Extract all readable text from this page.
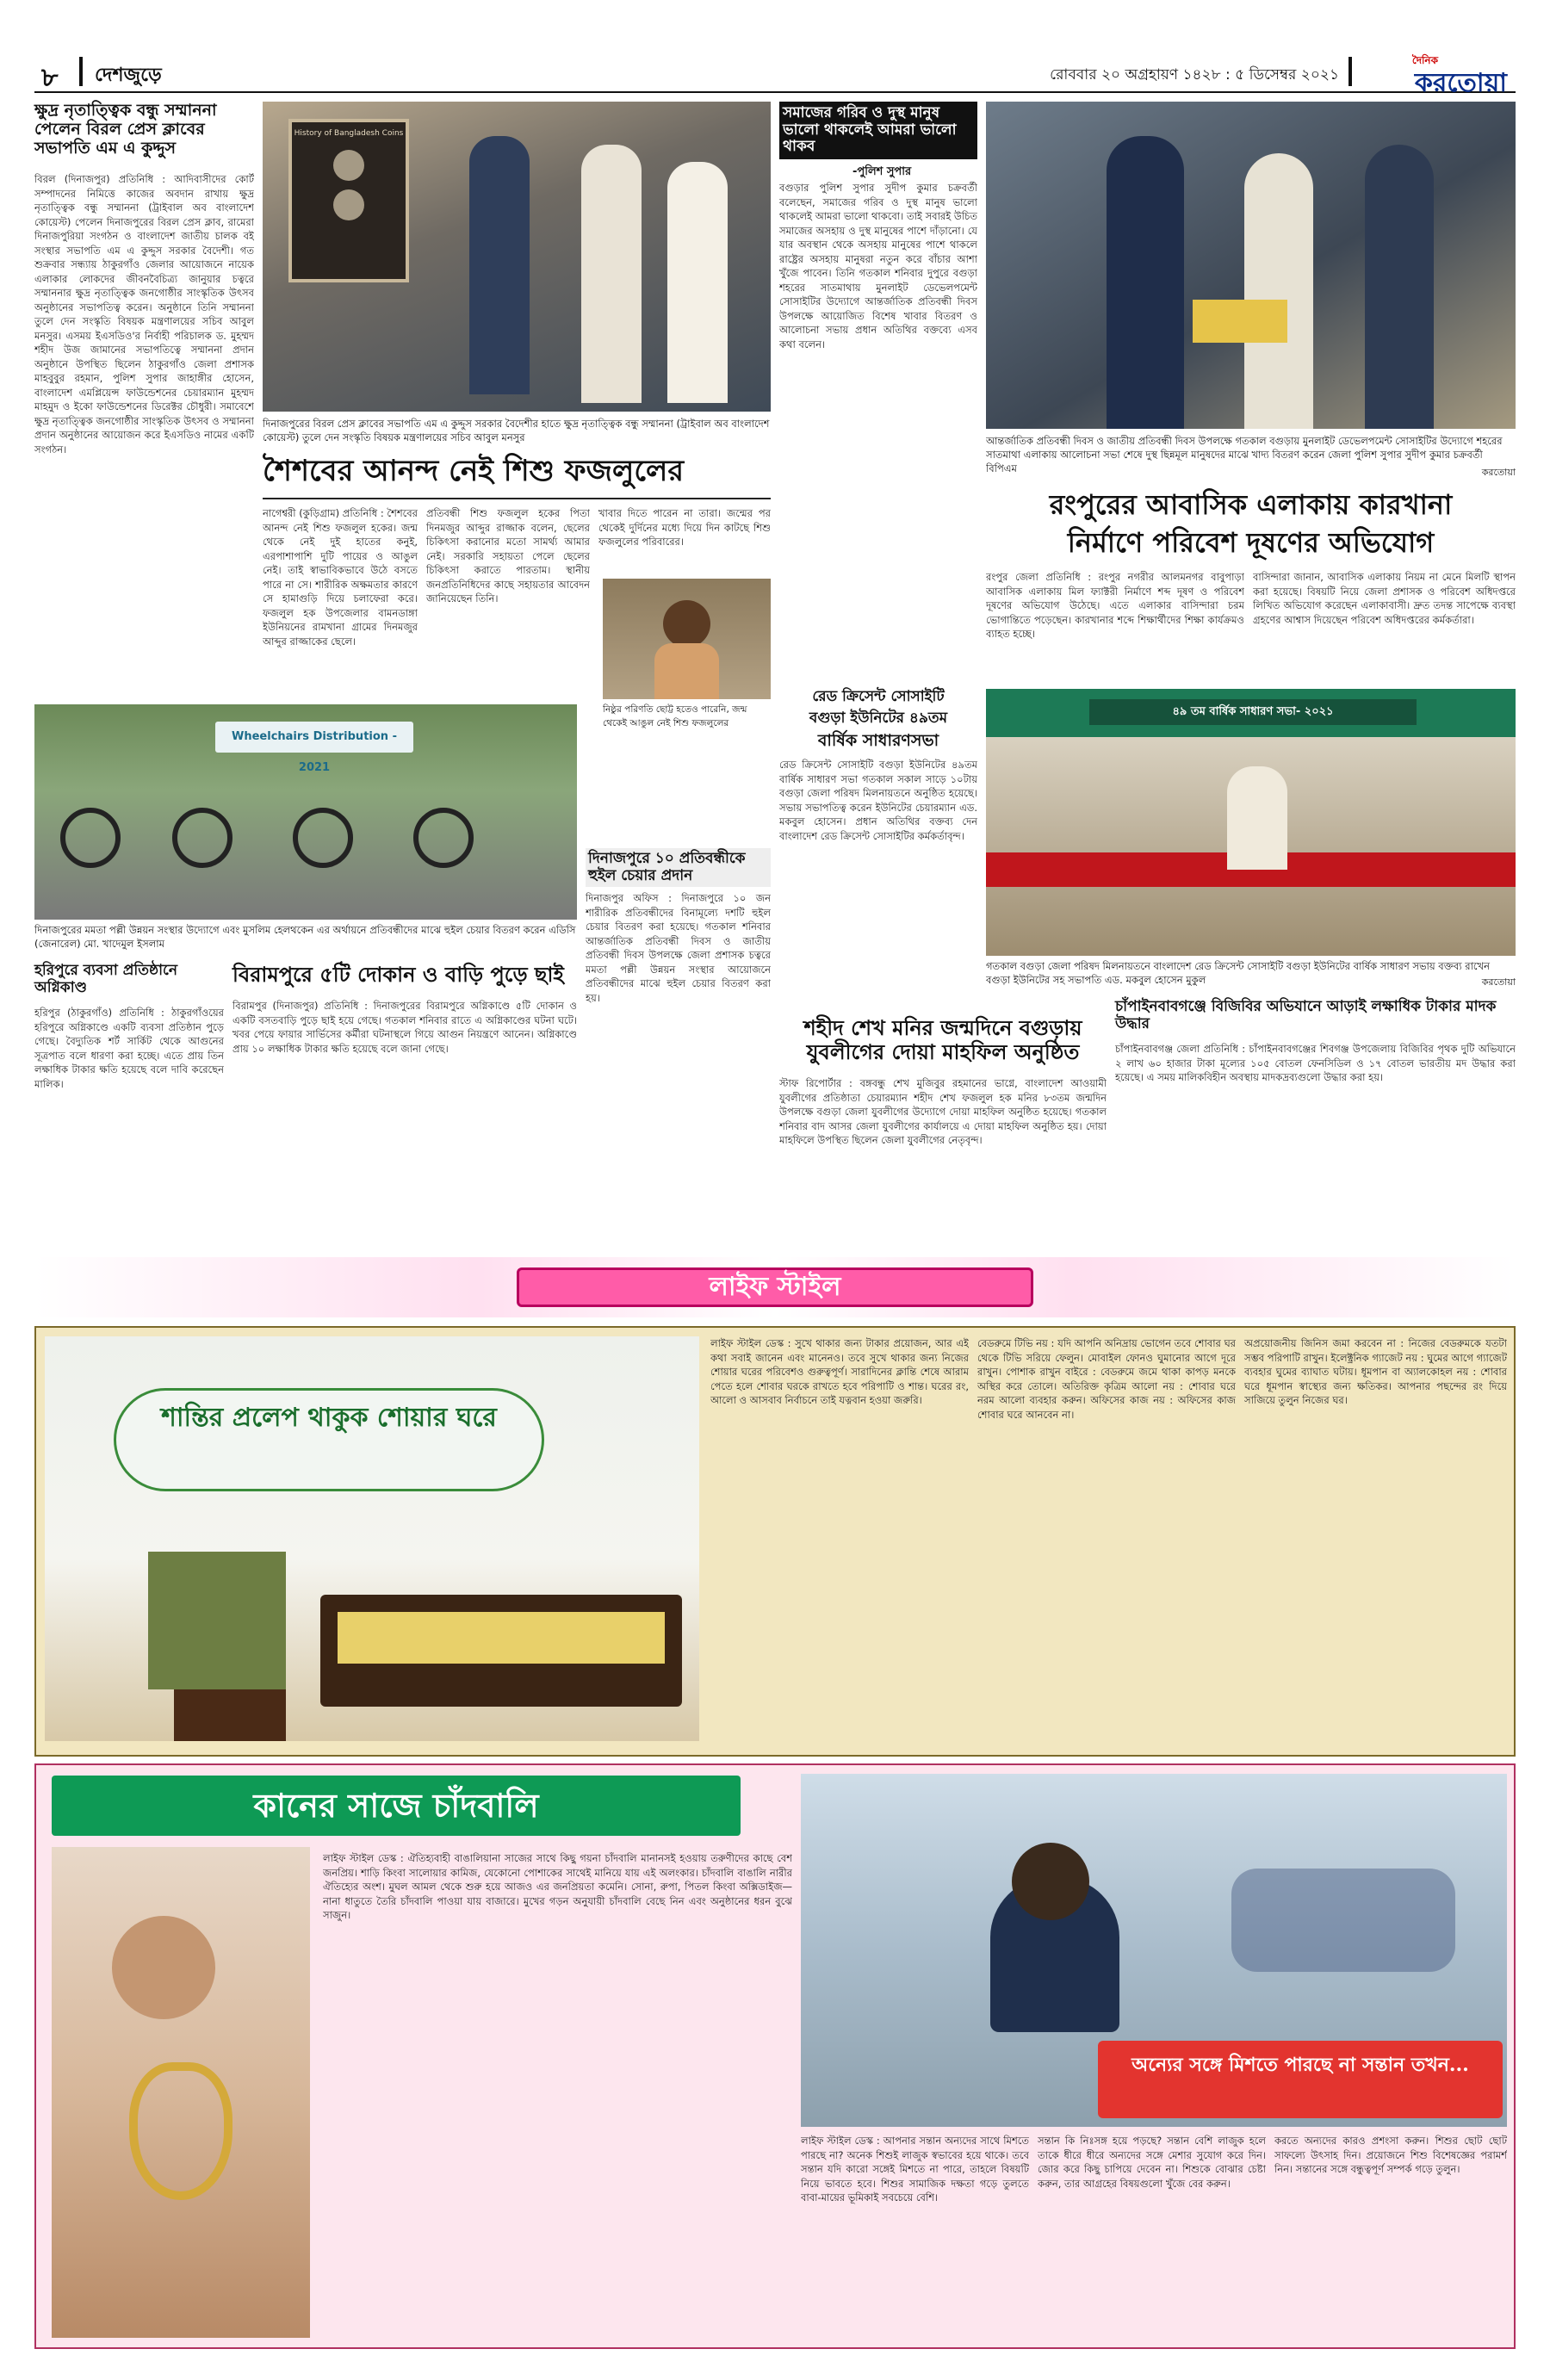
৮ দেশজুড়ে	রোববার ২০ অগ্রহায়ণ ১৪২৮ : ৫ ডিসেম্বর ২০২১
দৈনিক
করতোয়া
ক্ষুদ্র নৃতাত্ত্বিক বন্ধু সম্মাননা পেলেন বিরল প্রেস ক্লাবের সভাপতি এম এ কুদ্দুস
বিরল (দিনাজপুর) প্রতিনিধি : আদিবাসীদের কোর্ট সম্পাদনের নিমিত্তে কাজের অবদান রাখায় ক্ষুদ্র নৃতাত্ত্বিক বন্ধু সম্মাননা (ট্রাইবাল অব বাংলাদেশ কোয়েস্ট) পেলেন দিনাজপুরের বিরল প্রেস ক্লাব, রামেরা দিনাজপুরিয়া সংগঠন ও বাংলাদেশ জাতীয় চালক বই সংস্থার সভাপতি এম এ কুদ্দুস সরকার বৈদেশী। গত শুক্রবার সন্ধ্যায় ঠাকুরগাঁও জেলার আয়োজনে নায়েক এলাকার লোকদের জীবনবৈচিত্র্য জানুয়ার চত্বরে সম্মাননার ক্ষুদ্র নৃতাত্ত্বিক জনগোষ্ঠীর সাংস্কৃতিক উৎসব অনুষ্ঠানের সভাপতিত্ব করেন। অনুষ্ঠানে তিনি সম্মাননা তুলে দেন সংস্কৃতি বিষয়ক মন্ত্রণালয়ের সচিব আবুল মনসুর। এসময় ইএসডিও'র নির্বাহী পরিচালক ড. মুহম্মদ শহীদ উজ জামানের সভাপতিত্বে সম্মাননা প্রদান অনুষ্ঠানে উপস্থিত ছিলেন ঠাকুরগাঁও জেলা প্রশাসক মাহবুবুর রহমান, পুলিশ সুপার জাহাঙ্গীর হোসেন, বাংলাদেশ এমপ্লিয়েন্স ফাউন্ডেশনের চেয়ারম্যান মুহম্মদ মাহমুদ ও ইকো ফাউন্ডেশনের ডিরেক্টর চৌধুরী। সমাবেশে ক্ষুদ্র নৃতাত্ত্বিক জনগোষ্ঠীর সাংস্কৃতিক উৎসব ও সম্মাননা প্রদান অনুষ্ঠানের আয়োজন করে ইএসডিও নামের একটি সংগঠন।
History of Bangladesh Coins
দিনাজপুরের বিরল প্রেস ক্লাবের সভাপতি এম এ কুদ্দুস সরকার বৈদেশীর হাতে ক্ষুদ্র নৃতাত্ত্বিক বন্ধু সম্মাননা (ট্রাইবাল অব বাংলাদেশ কোয়েস্ট) তুলে দেন সংস্কৃতি বিষয়ক মন্ত্রণালয়ের সচিব আবুল মনসুর
শৈশবের আনন্দ নেই শিশু ফজলুলের
নাগেশ্বরী (কুড়িগ্রাম) প্রতিনিধি : শৈশবের আনন্দ নেই শিশু ফজলুল হকের। জন্ম থেকে নেই দুই হাতের কনুই, এরপাশাপাশি দুটি পায়ের ও আঙুল নেই। তাই স্বাভাবিকভাবে উঠে বসতে পারে না সে। শারীরিক অক্ষমতার কারণে সে হামাগুড়ি দিয়ে চলাফেরা করে। ফজলুল হক উপজেলার বামনডাঙ্গা ইউনিয়নের রামখানা গ্রামের দিনমজুর আব্দুর রাজ্জাকের ছেলে।
প্রতিবন্ধী শিশু ফজলুল হকের পিতা দিনমজুর আব্দুর রাজ্জাক বলেন, ছেলের চিকিৎসা করানোর মতো সামর্থ্য আমার নেই। সরকারি সহায়তা পেলে ছেলের চিকিৎসা করাতে পারতাম। স্থানীয় জনপ্রতিনিধিদের কাছে সহায়তার আবেদন জানিয়েছেন তিনি।
খাবার দিতে পারেন না তারা। জন্মের পর থেকেই দুর্দিনের মধ্যে দিয়ে দিন কাটছে শিশু ফজলুলের পরিবারের।
নিষ্ঠুর পরিণতি ছোট্ট হতেও পারেনি, জন্ম থেকেই আঙুল নেই শিশু ফজলুলের
সমাজের গরিব ও দুস্থ মানুষ ভালো থাকলেই আমরা ভালো থাকব
-পুলিশ সুপার
বগুড়ার পুলিশ সুপার সুদীপ কুমার চক্রবর্তী বলেছেন, সমাজের গরিব ও দুস্থ মানুষ ভালো থাকলেই আমরা ভালো থাকবো। তাই সবারই উচিত সমাজের অসহায় ও দুস্থ মানুষের পাশে দাঁড়ানো। যে যার অবস্থান থেকে অসহায় মানুষের পাশে থাকলে রাষ্ট্রের অসহায় মানুষরা নতুন করে বাঁচার আশা খুঁজে পাবেন। তিনি গতকাল শনিবার দুপুরে বগুড়া শহরের সাতমাথায় মুনলাইট ডেভেলপমেন্ট সোসাইটির উদ্যোগে আন্তর্জাতিক প্রতিবন্ধী দিবস উপলক্ষে আয়োজিত বিশেষ খাবার বিতরণ ও আলোচনা সভায় প্রধান অতিথির বক্তব্যে এসব কথা বলেন।
আন্তর্জাতিক প্রতিবন্ধী দিবস ও জাতীয় প্রতিবন্ধী দিবস উপলক্ষে গতকাল বগুড়ায় মুনলাইট ডেভেলপমেন্ট সোসাইটির উদ্যোগে শহরের সাতমাথা এলাকায় আলোচনা সভা শেষে দুস্থ ছিন্নমূল মানুষদের মাঝে খাদ্য বিতরণ করেন জেলা পুলিশ সুপার সুদীপ কুমার চক্রবর্তী বিপিএম	করতোয়া
রংপুরের আবাসিক এলাকায় কারখানা
নির্মাণে পরিবেশ দূষণের অভিযোগ
রংপুর জেলা প্রতিনিধি : রংপুর নগরীর আলমনগর বাবুপাড়া আবাসিক এলাকায় মিল ফ্যাক্টরী নির্মাণে শব্দ দূষণ ও পরিবেশ দূষণের অভিযোগ উঠেছে। এতে এলাকার বাসিন্দারা চরম ভোগান্তিতে পড়েছেন। কারখানার শব্দে শিক্ষার্থীদের শিক্ষা কার্যক্রমও ব্যাহত হচ্ছে।
বাসিন্দারা জানান, আবাসিক এলাকায় নিয়ম না মেনে মিলটি স্থাপন করা হয়েছে। বিষয়টি নিয়ে জেলা প্রশাসক ও পরিবেশ অধিদপ্তরে লিখিত অভিযোগ করেছেন এলাকাবাসী। দ্রুত তদন্ত সাপেক্ষে ব্যবস্থা গ্রহণের আশ্বাস দিয়েছেন পরিবেশ অধিদপ্তরের কর্মকর্তারা।
Wheelchairs Distribution - 2021
দিনাজপুরের মমতা পল্লী উন্নয়ন সংস্থার উদ্যোগে এবং মুসলিম হেলথকেন এর অর্থায়নে প্রতিবন্ধীদের মাঝে হুইল চেয়ার বিতরণ করেন এডিসি (জেনারেল) মো. খাদেমুল ইসলাম
রেড ক্রিসেন্ট সোসাইটি
বগুড়া ইউনিটের ৪৯তম
বার্ষিক সাধারণসভা
রেড ক্রিসেন্ট সোসাইটি বগুড়া ইউনিটের ৪৯তম বার্ষিক সাধারণ সভা গতকাল সকাল সাড়ে ১০টায় বগুড়া জেলা পরিষদ মিলনায়তনে অনুষ্ঠিত হয়েছে। সভায় সভাপতিত্ব করেন ইউনিটের চেয়ারম্যান এড. মকবুল হোসেন। প্রধান অতিথির বক্তব্য দেন বাংলাদেশ রেড ক্রিসেন্ট সোসাইটির কর্মকর্তাবৃন্দ।
৪৯ তম বার্ষিক সাধারণ সভা- ২০২১
গতকাল বগুড়া জেলা পরিষদ মিলনায়তনে বাংলাদেশ রেড ক্রিসেন্ট সোসাইটি বগুড়া ইউনিটের বার্ষিক সাধারণ সভায় বক্তব্য রাখেন বগুড়া ইউনিটের সহ সভাপতি এড. মকবুল হোসেন মুকুল	করতোয়া
দিনাজপুরে ১০ প্রতিবন্ধীকে হুইল চেয়ার প্রদান
দিনাজপুর অফিস : দিনাজপুরে ১০ জন শারীরিক প্রতিবন্ধীদের বিনামূল্যে দশটি হুইল চেয়ার বিতরণ করা হয়েছে। গতকাল শনিবার আন্তর্জাতিক প্রতিবন্ধী দিবস ও জাতীয় প্রতিবন্ধী দিবস উপলক্ষে জেলা প্রশাসক চত্বরে মমতা পল্লী উন্নয়ন সংস্থার আয়োজনে প্রতিবন্ধীদের মাঝে হুইল চেয়ার বিতরণ করা হয়।
শহীদ শেখ মনির জন্মদিনে বগুড়ায় যুবলীগের দোয়া মাহফিল অনুষ্ঠিত
স্টাফ রিপোর্টার : বঙ্গবন্ধু শেখ মুজিবুর রহমানের ভাগ্নে, বাংলাদেশ আওয়ামী যুবলীগের প্রতিষ্ঠাতা চেয়ারম্যান শহীদ শেখ ফজলুল হক মনির ৮৩তম জন্মদিন উপলক্ষে বগুড়া জেলা যুবলীগের উদ্যোগে দোয়া মাহফিল অনুষ্ঠিত হয়েছে। গতকাল শনিবার বাদ আসর জেলা যুবলীগের কার্যালয়ে এ দোয়া মাহফিল অনুষ্ঠিত হয়। দোয়া মাহফিলে উপস্থিত ছিলেন জেলা যুবলীগের নেতৃবৃন্দ।
চাঁপাইনবাবগঞ্জে বিজিবির অভিযানে আড়াই লক্ষাধিক টাকার মাদক উদ্ধার
চাঁপাইনবাবগঞ্জ জেলা প্রতিনিধি : চাঁপাইনবাবগঞ্জের শিবগঞ্জ উপজেলায় বিজিবির পৃথক দুটি অভিযানে ২ লাখ ৬০ হাজার টাকা মূল্যের ১০৫ বোতল ফেনসিডিল ও ১৭ বোতল ভারতীয় মদ উদ্ধার করা হয়েছে। এ সময় মালিকবিহীন অবস্থায় মাদকদ্রব্যগুলো উদ্ধার করা হয়।
হরিপুরে ব্যবসা প্রতিষ্ঠানে অগ্নিকাণ্ড
হরিপুর (ঠাকুরগাঁও) প্রতিনিধি : ঠাকুরগাঁওয়ের হরিপুরে অগ্নিকাণ্ডে একটি ব্যবসা প্রতিষ্ঠান পুড়ে গেছে। বৈদ্যুতিক শর্ট সার্কিট থেকে আগুনের সূত্রপাত বলে ধারণা করা হচ্ছে। এতে প্রায় তিন লক্ষাধিক টাকার ক্ষতি হয়েছে বলে দাবি করেছেন মালিক।
বিরামপুরে ৫টি দোকান ও বাড়ি পুড়ে ছাই
বিরামপুর (দিনাজপুর) প্রতিনিধি : দিনাজপুরের বিরামপুরে অগ্নিকাণ্ডে ৫টি দোকান ও একটি বসতবাড়ি পুড়ে ছাই হয়ে গেছে। গতকাল শনিবার রাতে এ অগ্নিকাণ্ডের ঘটনা ঘটে। খবর পেয়ে ফায়ার সার্ভিসের কর্মীরা ঘটনাস্থলে গিয়ে আগুন নিয়ন্ত্রণে আনেন। অগ্নিকাণ্ডে প্রায় ১০ লক্ষাধিক টাকার ক্ষতি হয়েছে বলে জানা গেছে।
লাইফ স্টাইল
শান্তির প্রলেপ থাকুক শোয়ার ঘরে
লাইফ স্টাইল ডেস্ক : সুখে থাকার জন্য টাকার প্রয়োজন, আর এই কথা সবাই জানেন এবং মানেনও। তবে সুখে থাকার জন্য নিজের শোয়ার ঘরের পরিবেশও গুরুত্বপূর্ণ। সারাদিনের ক্লান্তি শেষে আরাম পেতে হলে শোবার ঘরকে রাখতে হবে পরিপাটি ও শান্ত। ঘরের রং, আলো ও আসবাব নির্বাচনে তাই যত্নবান হওয়া জরুরি।
বেডরুমে টিভি নয় : যদি আপনি অনিদ্রায় ভোগেন তবে শোবার ঘর থেকে টিভি সরিয়ে ফেলুন। মোবাইল ফোনও ঘুমানোর আগে দূরে রাখুন। পোশাক রাখুন বাইরে : বেডরুমে জমে থাকা কাপড় মনকে অস্থির করে তোলে। অতিরিক্ত কৃত্রিম আলো নয় : শোবার ঘরে নরম আলো ব্যবহার করুন। অফিসের কাজ নয় : অফিসের কাজ শোবার ঘরে আনবেন না।
অপ্রয়োজনীয় জিনিস জমা করবেন না : নিজের বেডরুমকে যতটা সম্ভব পরিপাটি রাখুন। ইলেক্ট্রনিক গ্যাজেট নয় : ঘুমের আগে গ্যাজেট ব্যবহার ঘুমের ব্যাঘাত ঘটায়। ধূমপান বা অ্যালকোহল নয় : শোবার ঘরে ধূমপান স্বাস্থ্যের জন্য ক্ষতিকর। আপনার পছন্দের রং দিয়ে সাজিয়ে তুলুন নিজের ঘর।
কানের সাজে চাঁদবালি
লাইফ স্টাইল ডেস্ক : ঐতিহ্যবাহী বাঙালিয়ানা সাজের সাথে কিছু গয়না চাঁদবালি মানানসই হওয়ায় তরুণীদের কাছে বেশ জনপ্রিয়। শাড়ি কিংবা সালোয়ার কামিজ, যেকোনো পোশাকের সাথেই মানিয়ে যায় এই অলংকার। চাঁদবালি বাঙালি নারীর ঐতিহ্যের অংশ। মুঘল আমল থেকে শুরু হয়ে আজও এর জনপ্রিয়তা কমেনি। সোনা, রুপা, পিতল কিংবা অক্সিডাইজ— নানা ধাতুতে তৈরি চাঁদবালি পাওয়া যায় বাজারে। মুখের গড়ন অনুযায়ী চাঁদবালি বেছে নিন এবং অনুষ্ঠানের ধরন বুঝে সাজুন।
অন্যের সঙ্গে মিশতে পারছে না সন্তান তখন...
লাইফ স্টাইল ডেস্ক : আপনার সন্তান অন্যদের সাথে মিশতে পারছে না? অনেক শিশুই লাজুক স্বভাবের হয়ে থাকে। তবে সন্তান যদি কারো সঙ্গেই মিশতে না পারে, তাহলে বিষয়টি নিয়ে ভাবতে হবে। শিশুর সামাজিক দক্ষতা গড়ে তুলতে বাবা-মায়ের ভূমিকাই সবচেয়ে বেশি।
সন্তান কি নিঃসঙ্গ হয়ে পড়ছে? সন্তান বেশি লাজুক হলে তাকে ধীরে ধীরে অন্যদের সঙ্গে মেশার সুযোগ করে দিন। জোর করে কিছু চাপিয়ে দেবেন না। শিশুকে বোঝার চেষ্টা করুন, তার আগ্রহের বিষয়গুলো খুঁজে বের করুন।
করতে অন্যদের কারও প্রশংসা করুন। শিশুর ছোট ছোট সাফল্যে উৎসাহ দিন। প্রয়োজনে শিশু বিশেষজ্ঞের পরামর্শ নিন। সন্তানের সঙ্গে বন্ধুত্বপূর্ণ সম্পর্ক গড়ে তুলুন।
